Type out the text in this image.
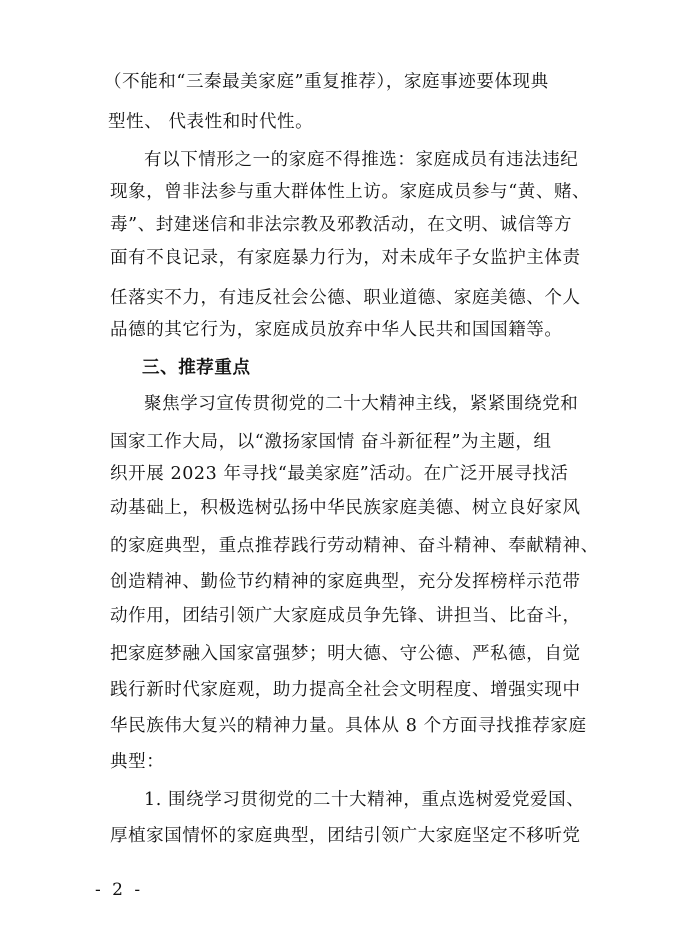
（不能和“三秦最美家庭”重复推荐），家庭事迹要体现典
型性、 代表性和时代性。
有以下情形之一的家庭不得推选：家庭成员有违法违纪
现象，曾非法参与重大群体性上访。家庭成员参与“黄、赌、
毒”、封建迷信和非法宗教及邪教活动，在文明、诚信等方
面有不良记录，有家庭暴力行为，对未成年子女监护主体责
任落实不力，有违反社会公德、职业道德、家庭美德、个人
品德的其它行为，家庭成员放弃中华人民共和国国籍等。
三、推荐重点
聚焦学习宣传贯彻党的二十大精神主线，紧紧围绕党和
国家工作大局，以“激扬家国情 奋斗新征程”为主题，组
织开展 2023 年寻找“最美家庭”活动。在广泛开展寻找活
动基础上，积极选树弘扬中华民族家庭美德、树立良好家风
的家庭典型，重点推荐践行劳动精神、奋斗精神、奉献精神、
创造精神、勤俭节约精神的家庭典型，充分发挥榜样示范带
动作用，团结引领广大家庭成员争先锋、讲担当、比奋斗，
把家庭梦融入国家富强梦；明大德、守公德、严私德，自觉
践行新时代家庭观，助力提高全社会文明程度、增强实现中
华民族伟大复兴的精神力量。具体从 8 个方面寻找推荐家庭
典型：
1. 围绕学习贯彻党的二十大精神，重点选树爱党爱国、
厚植家国情怀的家庭典型，团结引领广大家庭坚定不移听党
- 2 -
